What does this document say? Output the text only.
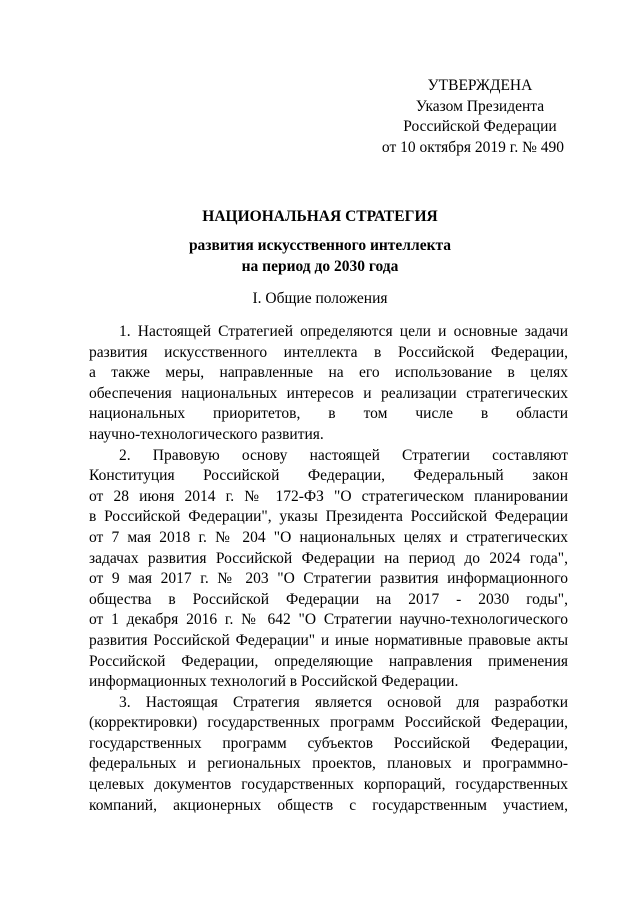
УТВЕРЖДЕНА
Указом Президента
Российской Федерации
от 10 октября 2019 г. № 490
НАЦИОНАЛЬНАЯ СТРАТЕГИЯ
развития искусственного интеллекта
на период до 2030 года
I. Общие положения
1. Настоящей Стратегией определяются цели и основные задачи
развития искусственного интеллекта в Российской Федерации,
а также меры, направленные на его использование в целях
обеспечения национальных интересов и реализации стратегических
национальных приоритетов, в том числе в области
научно-технологического развития.
2. Правовую основу настоящей Стратегии составляют
Конституция Российской Федерации, Федеральный закон
от 28 июня 2014 г. № 172-ФЗ "О стратегическом планировании
в Российской Федерации", указы Президента Российской Федерации
от 7 мая 2018 г. № 204 "О национальных целях и стратегических
задачах развития Российской Федерации на период до 2024 года",
от 9 мая 2017 г. № 203 "О Стратегии развития информационного
общества в Российской Федерации на 2017 - 2030 годы",
от 1 декабря 2016 г. № 642 "О Стратегии научно-технологического
развития Российской Федерации" и иные нормативные правовые акты
Российской Федерации, определяющие направления применения
информационных технологий в Российской Федерации.
3. Настоящая Стратегия является основой для разработки
(корректировки) государственных программ Российской Федерации,
государственных программ субъектов Российской Федерации,
федеральных и региональных проектов, плановых и программно-
целевых документов государственных корпораций, государственных
компаний, акционерных обществ с государственным участием,
